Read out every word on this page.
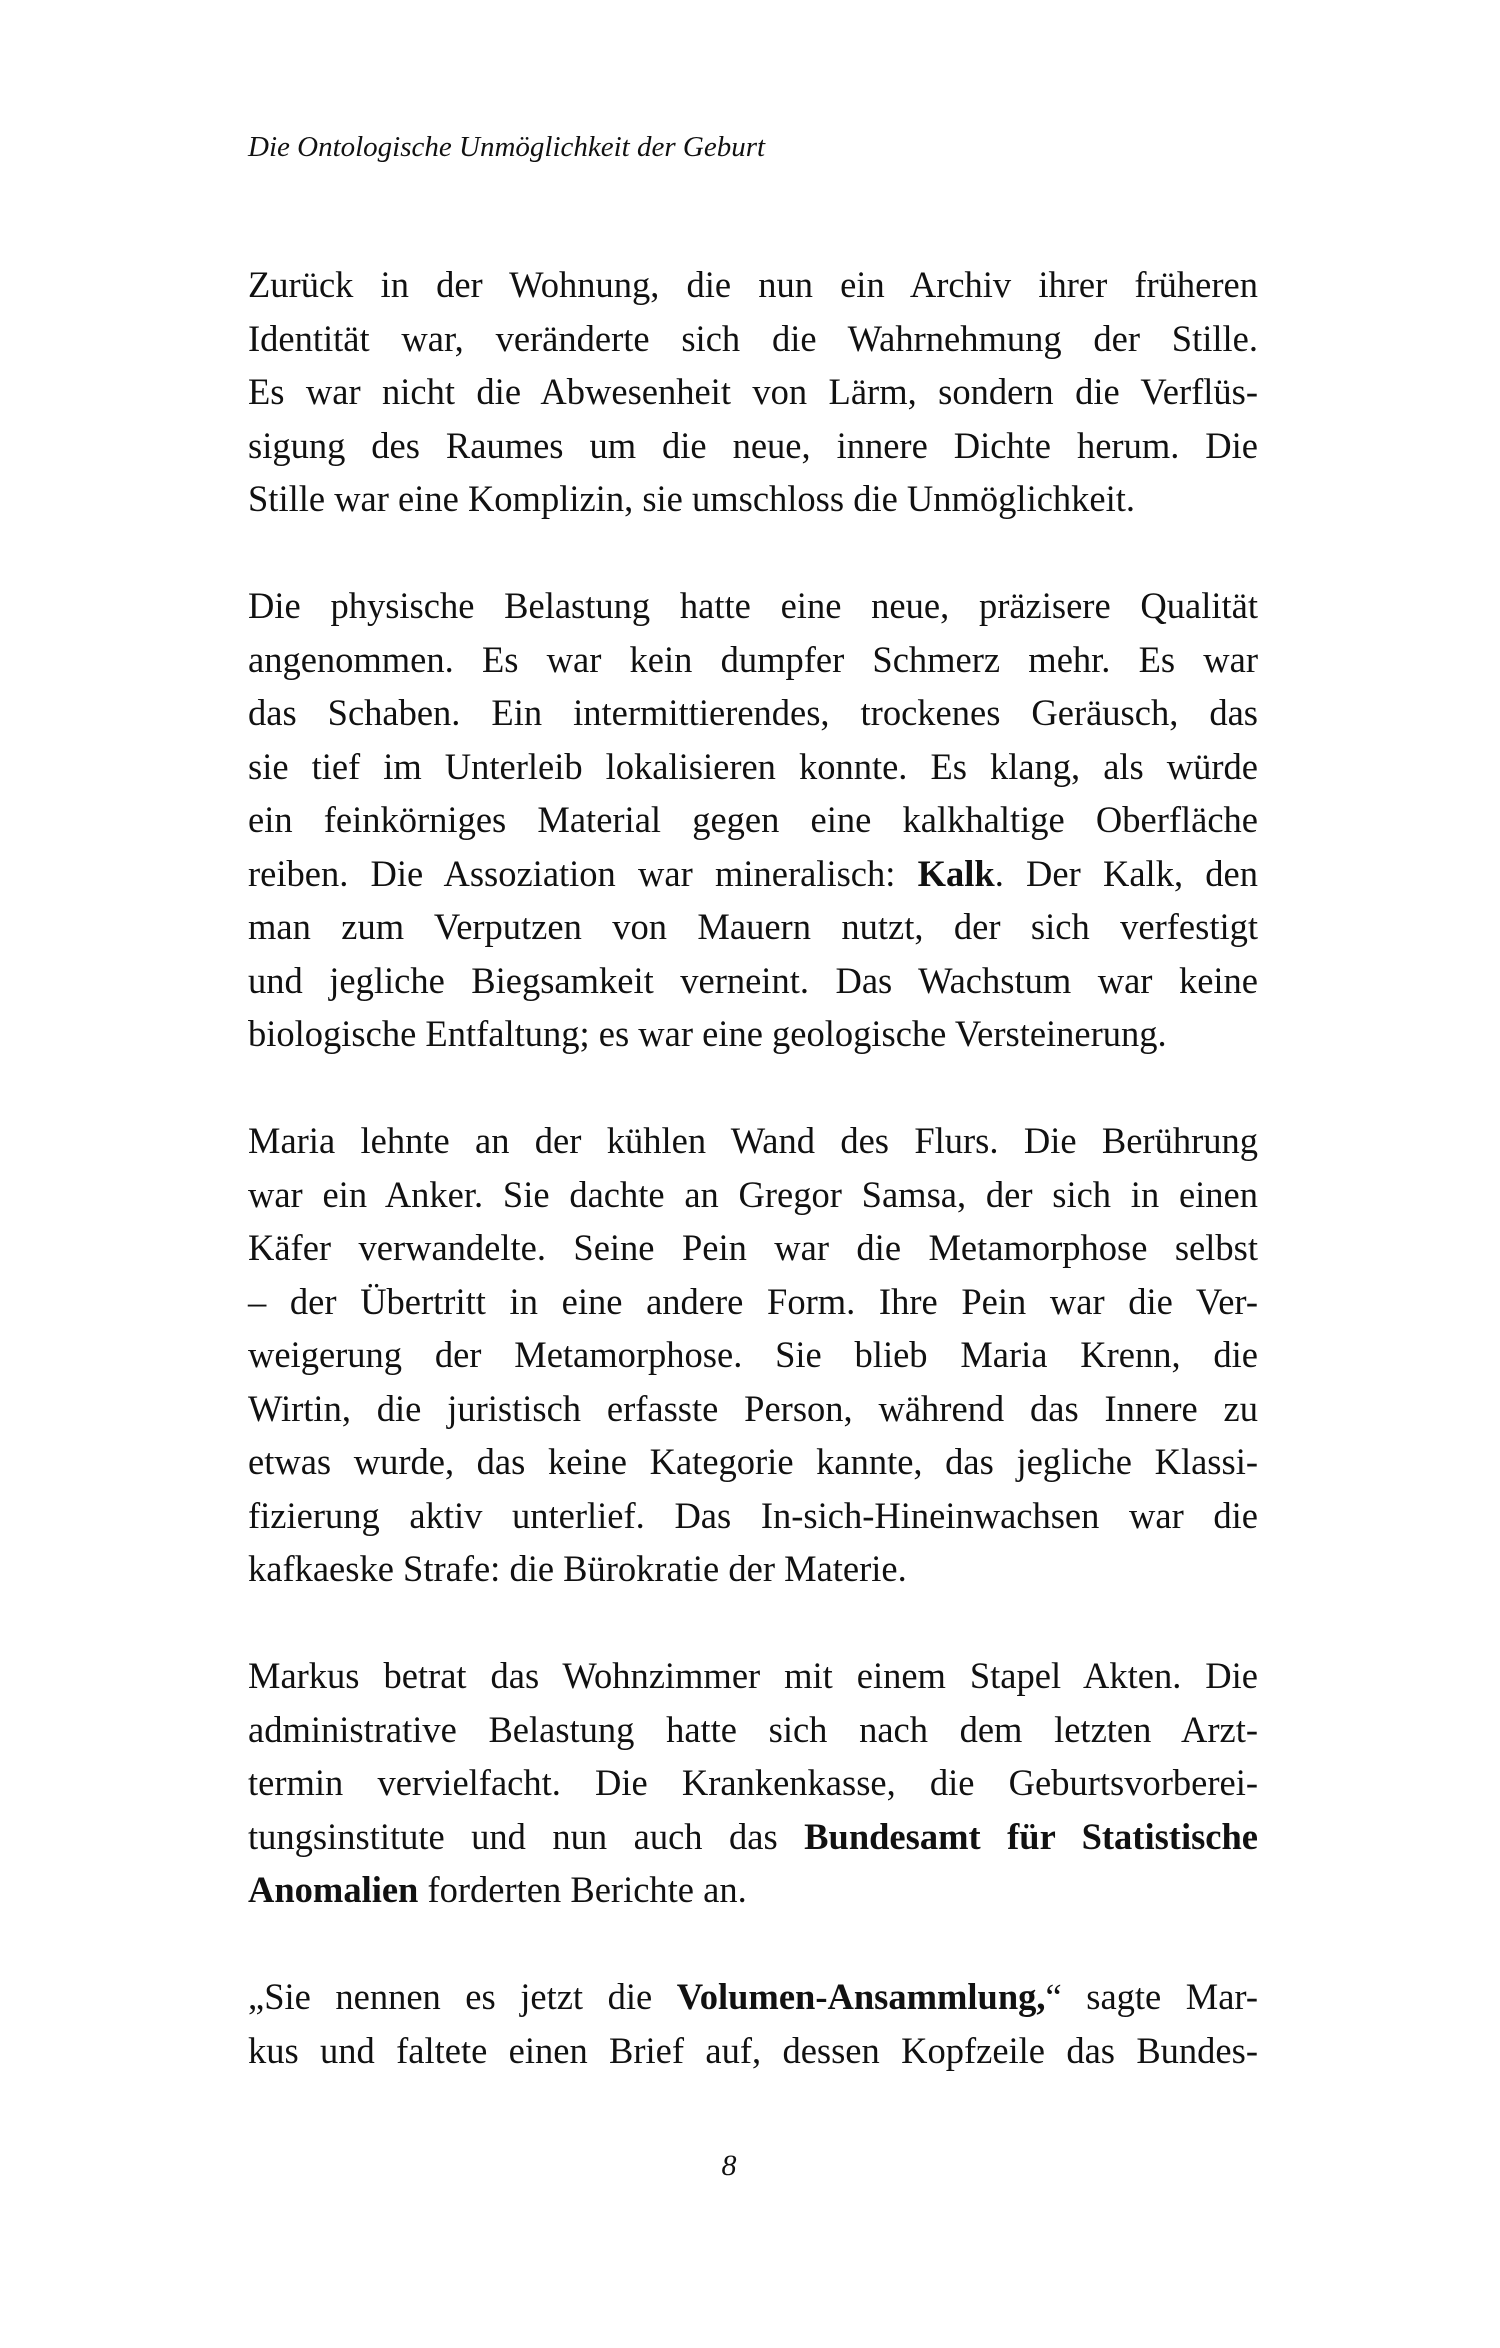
Die Ontologische Unmöglichkeit der Geburt
Zurück in der Wohnung, die nun ein Archiv ihrer früheren
Identität war, veränderte sich die Wahrnehmung der Stille.
Es war nicht die Abwesenheit von Lärm, sondern die Verflüs-
sigung des Raumes um die neue, innere Dichte herum. Die
Stille war eine Komplizin, sie umschloss die Unmöglichkeit.
Die physische Belastung hatte eine neue, präzisere Qualität
angenommen. Es war kein dumpfer Schmerz mehr. Es war
das Schaben. Ein intermittierendes, trockenes Geräusch, das
sie tief im Unterleib lokalisieren konnte. Es klang, als würde
ein feinkörniges Material gegen eine kalkhaltige Oberfläche
reiben. Die Assoziation war mineralisch: Kalk. Der Kalk, den
man zum Verputzen von Mauern nutzt, der sich verfestigt
und jegliche Biegsamkeit verneint. Das Wachstum war keine
biologische Entfaltung; es war eine geologische Versteinerung.
Maria lehnte an der kühlen Wand des Flurs. Die Berührung
war ein Anker. Sie dachte an Gregor Samsa, der sich in einen
Käfer verwandelte. Seine Pein war die Metamorphose selbst
– der Übertritt in eine andere Form. Ihre Pein war die Ver-
weigerung der Metamorphose. Sie blieb Maria Krenn, die
Wirtin, die juristisch erfasste Person, während das Innere zu
etwas wurde, das keine Kategorie kannte, das jegliche Klassi-
fizierung aktiv unterlief. Das In-sich-Hineinwachsen war die
kafkaeske Strafe: die Bürokratie der Materie.
Markus betrat das Wohnzimmer mit einem Stapel Akten. Die
administrative Belastung hatte sich nach dem letzten Arzt-
termin vervielfacht. Die Krankenkasse, die Geburtsvorberei-
tungsinstitute und nun auch das Bundesamt für Statistische
Anomalien forderten Berichte an.
„Sie nennen es jetzt die Volumen-Ansammlung,“ sagte Mar-
kus und faltete einen Brief auf, dessen Kopfzeile das Bundes-
8
